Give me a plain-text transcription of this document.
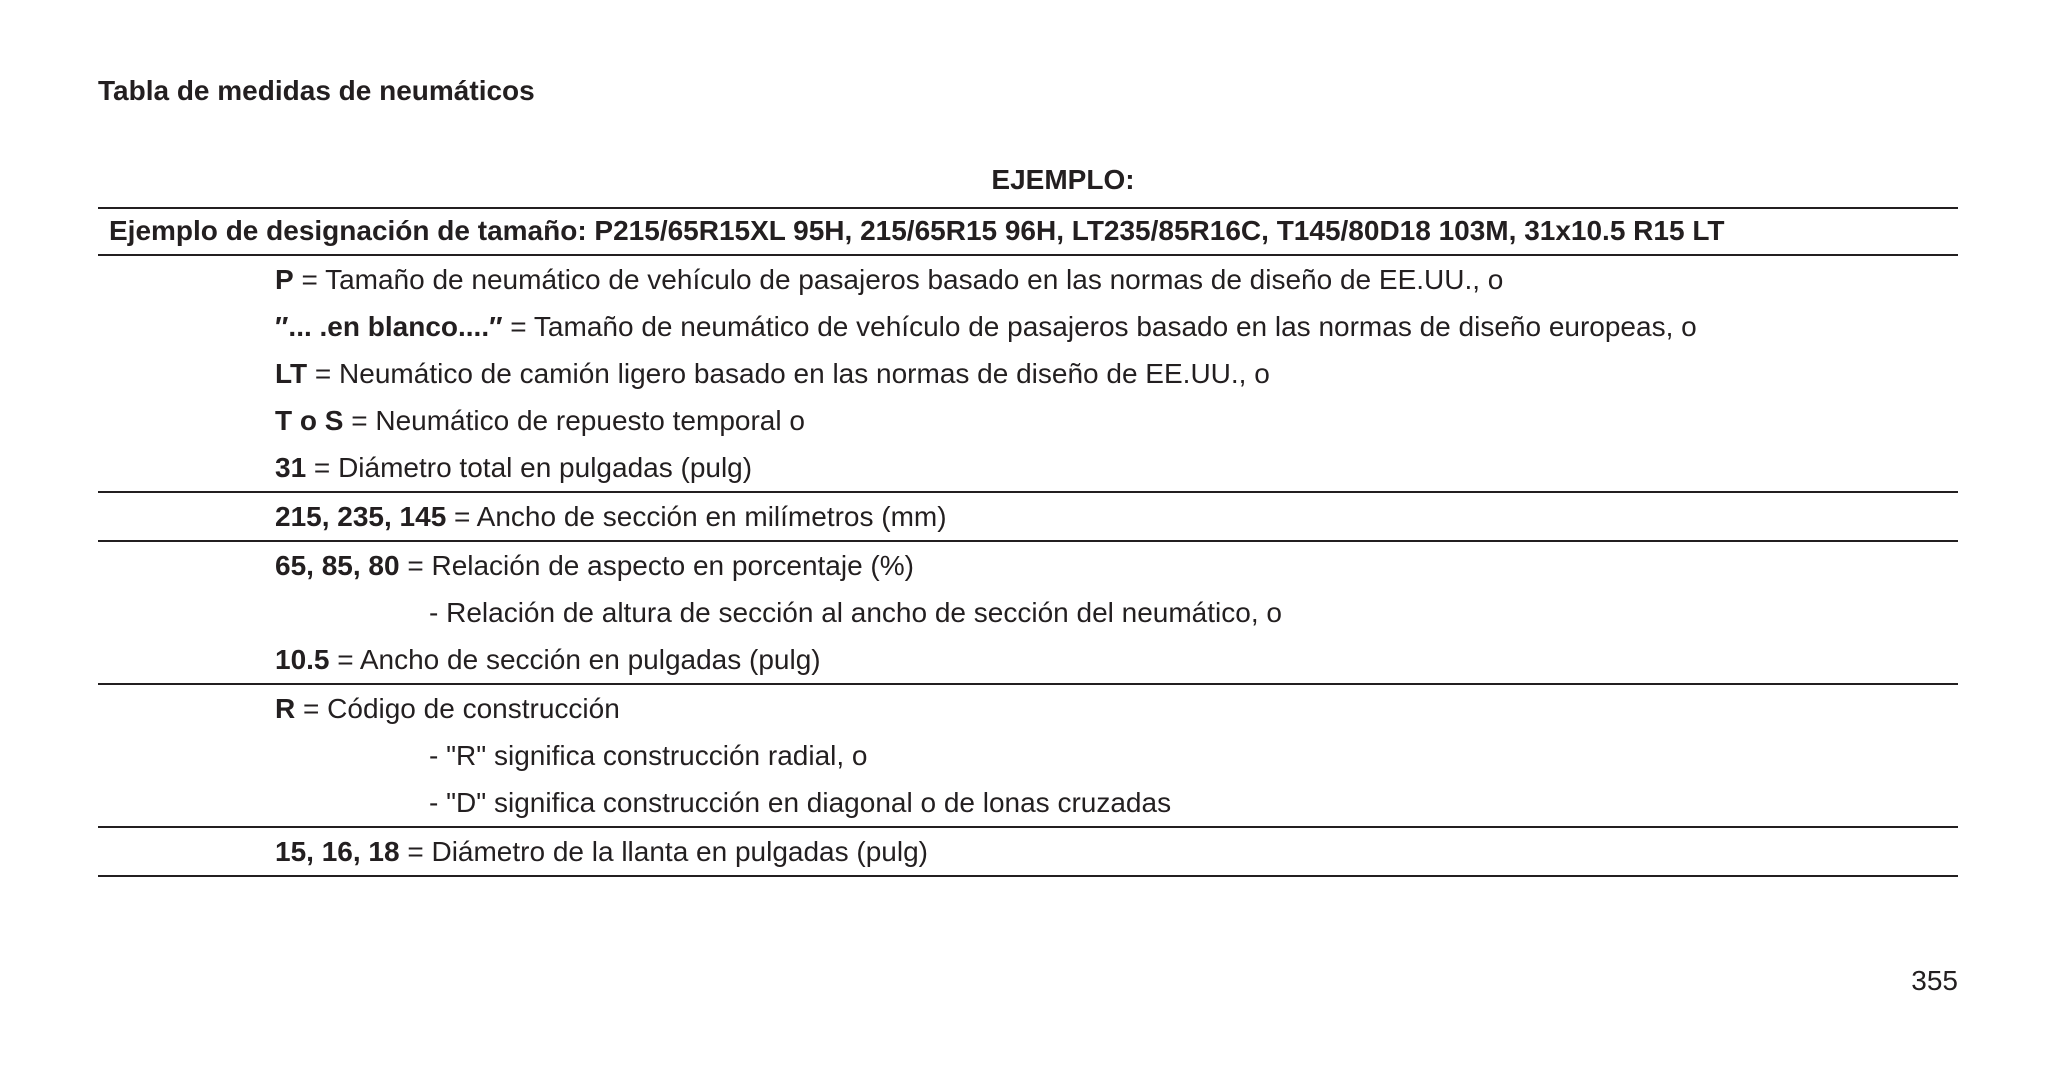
Tabla de medidas de neumáticos
EJEMPLO:
Ejemplo de designación de tamaño: P215/65R15XL 95H, 215/65R15 96H, LT235/85R16C, T145/80D18 103M, 31x10.5 R15 LT
P = Tamaño de neumático de vehículo de pasajeros basado en las normas de diseño de EE.UU., o
″... .en blanco....″ = Tamaño de neumático de vehículo de pasajeros basado en las normas de diseño europeas, o
LT = Neumático de camión ligero basado en las normas de diseño de EE.UU., o
T o S = Neumático de repuesto temporal o
31 = Diámetro total en pulgadas (pulg)
215, 235, 145 = Ancho de sección en milímetros (mm)
65, 85, 80 = Relación de aspecto en porcentaje (%)
- Relación de altura de sección al ancho de sección del neumático, o
10.5 = Ancho de sección en pulgadas (pulg)
R = Código de construcción
- "R" significa construcción radial, o
- "D" significa construcción en diagonal o de lonas cruzadas
15, 16, 18 = Diámetro de la llanta en pulgadas (pulg)
355
